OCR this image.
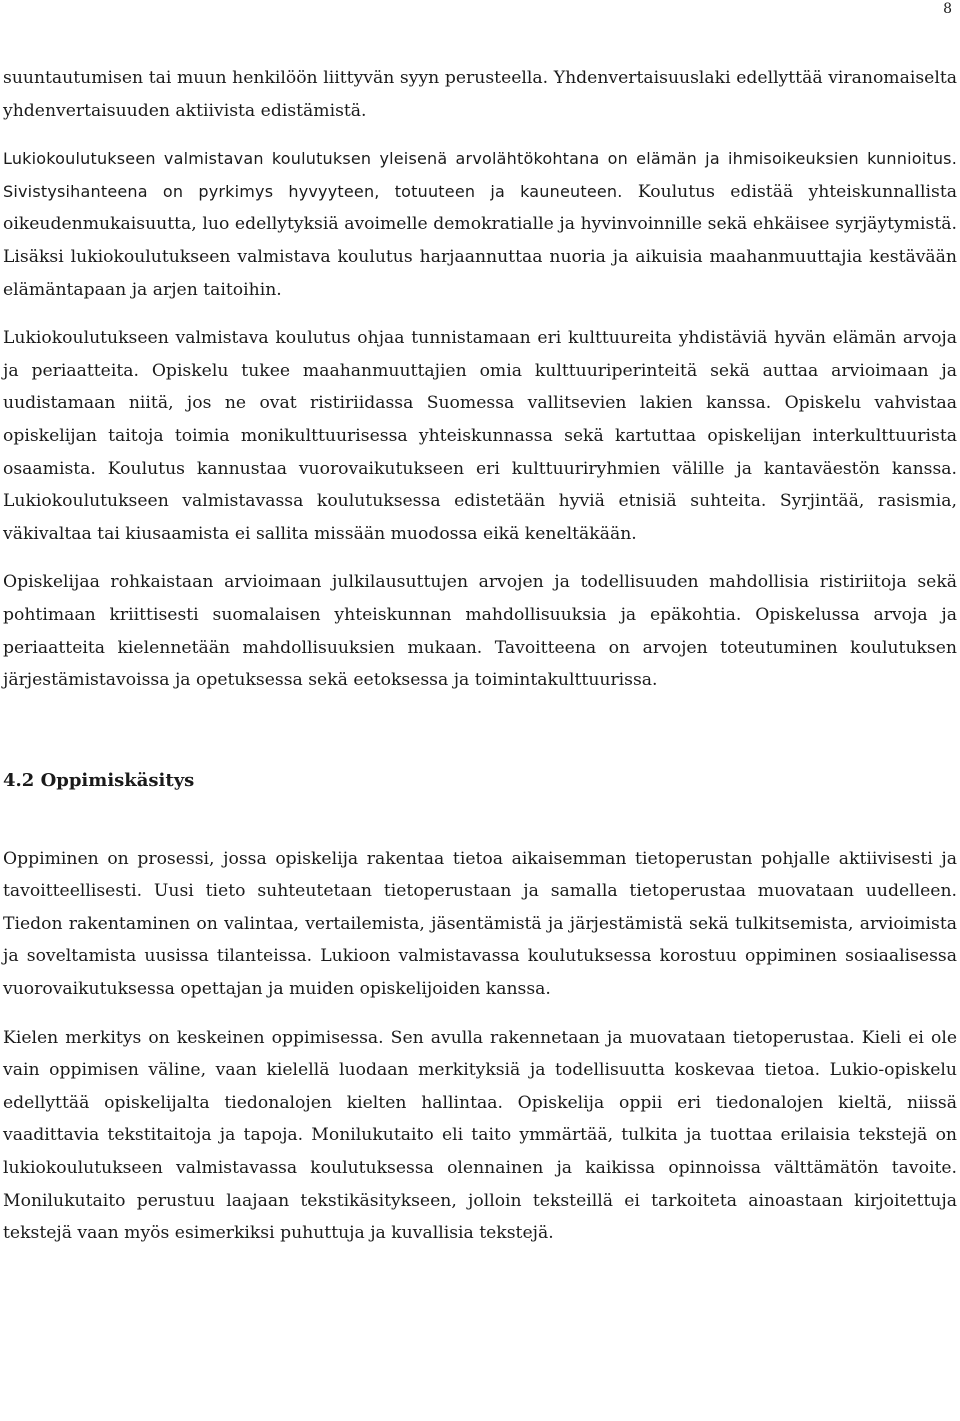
8

suuntautumisen tai muun henkilöön liittyvän syyn perusteella. Yhdenvertaisuuslaki edellyttää viranomaiselta yhdenvertaisuuden aktiivista edistämistä.

Lukiokoulutukseen valmistavan koulutuksen yleisenä arvolähtökohtana on elämän ja ihmisoikeuksien kunnioitus. Sivistysihanteena on pyrkimys hyvyyteen, totuuteen ja kauneuteen. Koulutus edistää yhteiskunnallista oikeudenmukaisuutta, luo edellytyksiä avoimelle demokratialle ja hyvinvoinnille sekä ehkäisee syrjäytymistä. Lisäksi lukiokoulutukseen valmistava koulutus harjaannuttaa nuoria ja aikuisia maahanmuuttajia kestävään elämäntapaan ja arjen taitoihin.

Lukiokoulutukseen valmistava koulutus ohjaa tunnistamaan eri kulttuureita yhdistäviä hyvän elämän arvoja ja periaatteita. Opiskelu tukee maahanmuuttajien omia kulttuuriperinteitä sekä auttaa arvioimaan ja uudistamaan niitä, jos ne ovat ristiriidassa Suomessa vallitsevien lakien kanssa. Opiskelu vahvistaa opiskelijan taitoja toimia monikulttuurisessa yhteiskunnassa sekä kartuttaa opiskelijan interkulttuurista osaamista. Koulutus kannustaa vuorovaikutukseen eri kulttuuriryhmien välille ja kantaväestön kanssa. Lukiokoulutukseen valmistavassa koulutuksessa edistetään hyviä etnisiä suhteita. Syrjintää, rasismia, väkivaltaa tai kiusaamista ei sallita missään muodossa eikä keneltäkään.

Opiskelijaa rohkaistaan arvioimaan julkilausuttujen arvojen ja todellisuuden mahdollisia ristiriitoja sekä pohtimaan kriittisesti suomalaisen yhteiskunnan mahdollisuuksia ja epäkohtia. Opiskelussa arvoja ja periaatteita kielennetään mahdollisuuksien mukaan. Tavoitteena on arvojen toteutuminen koulutuksen järjestämistavoissa ja opetuksessa sekä eetoksessa ja toimintakulttuurissa.

4.2 Oppimiskäsitys

Oppiminen on prosessi, jossa opiskelija rakentaa tietoa aikaisemman tietoperustan pohjalle aktiivisesti ja tavoitteellisesti. Uusi tieto suhteutetaan tietoperustaan ja samalla tietoperustaa muovataan uudelleen. Tiedon rakentaminen on valintaa, vertailemista, jäsentämistä ja järjestämistä sekä tulkitsemista, arvioimista ja soveltamista uusissa tilanteissa. Lukioon valmistavassa koulutuksessa korostuu oppiminen sosiaalisessa vuorovaikutuksessa opettajan ja muiden opiskelijoiden kanssa.

Kielen merkitys on keskeinen oppimisessa. Sen avulla rakennetaan ja muovataan tietoperustaa. Kieli ei ole vain oppimisen väline, vaan kielellä luodaan merkityksiä ja todellisuutta koskevaa tietoa. Lukio-opiskelu edellyttää opiskelijalta tiedonalojen kielten hallintaa. Opiskelija oppii eri tiedonalojen kieltä, niissä vaadittavia tekstitaitoja ja tapoja. Monilukutaito eli taito ymmärtää, tulkita ja tuottaa erilaisia tekstejä on lukiokoulutukseen valmistavassa koulutuksessa olennainen ja kaikissa opinnoissa välttämätön tavoite. Monilukutaito perustuu laajaan tekstikäsitykseen, jolloin teksteillä ei tarkoiteta ainoastaan kirjoitettuja tekstejä vaan myös esimerkiksi puhuttuja ja kuvallisia tekstejä.
